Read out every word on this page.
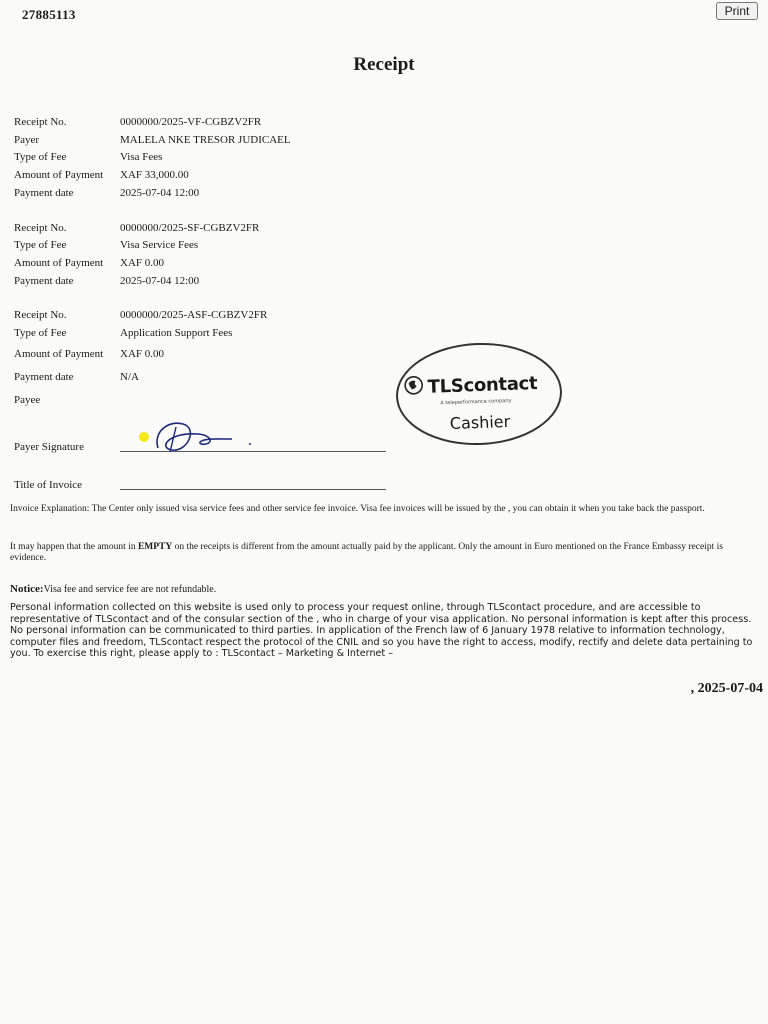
27885113	Print
Receipt
Receipt No.	0000000/2025-VF-CGBZV2FR
Payer	MALELA NKE TRESOR JUDICAEL
Type of Fee	Visa Fees
Amount of Payment XAF 33,000.00
Payment date	2025-07-04 12:00
Receipt No.	0000000/2025-SF-CGBZV2FR
Type of Fee	Visa Service Fees
Amount of Payment XAF 0.00
Payment date	2025-07-04 12:00
Receipt No.	0000000/2025-ASF-CGBZV2FR
Type of Fee	Application Support Fees
Amount of Payment XAF 0.00
Payment date	N/A
Payee
TLScontact
A teleperformance company
Cashier
Payer Signature
Title of Invoice
Invoice Explanation: The Center only issued visa service fees and other service fee invoice. Visa fee invoices will be issued by the , you can obtain it when you take back the passport.
It may happen that the amount in EMPTY on the receipts is different from the amount actually paid by the applicant. Only the amount in Euro mentioned on the France Embassy receipt is evidence.
Notice:Visa fee and service fee are not refundable.
Personal information collected on this website is used only to process your request online, through TLScontact procedure, and are accessible to representative of TLScontact and of the consular section of the , who in charge of your visa application. No personal information is kept after this process. No personal information can be communicated to third parties. In application of the French law of 6 January 1978 relative to information technology, computer files and freedom, TLScontact respect the protocol of the CNIL and so you have the right to access, modify, rectify and delete data pertaining to you. To exercise this right, please apply to : TLScontact – Marketing & Internet –
, 2025-07-04
